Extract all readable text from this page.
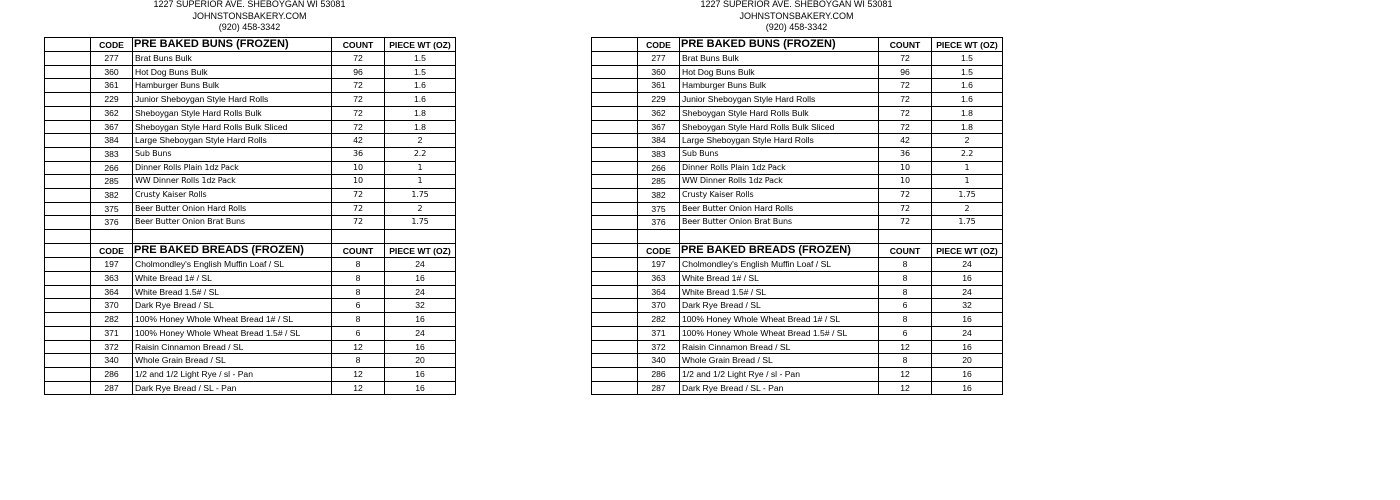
1227 SUPERIOR AVE. SHEBOYGAN WI 53081
JOHNSTONSBAKERY.COM
(920) 458-3342
	CODE	PRE BAKED BUNS (FROZEN)	COUNT	PIECE WT (OZ)
	277	Brat Buns Bulk	72	1.5
	360	Hot Dog Buns Bulk	96	1.5
	361	Hamburger Buns Bulk	72	1.6
	229	Junior Sheboygan Style Hard Rolls	72	1.6
	362	Sheboygan Style Hard Rolls Bulk	72	1.8
	367	Sheboygan Style Hard Rolls Bulk Sliced	72	1.8
	384	Large Sheboygan Style Hard Rolls	42	2
	383	Sub Buns	36	2.2
	266	Dinner Rolls Plain 1dz Pack	10	1
	285	WW Dinner Rolls 1dz Pack	10	1
	382	Crusty Kaiser Rolls	72	1.75
	375	Beer Butter Onion Hard Rolls	72	2
	376	Beer Butter Onion Brat Buns	72	1.75

	CODE	PRE BAKED BREADS (FROZEN)	COUNT	PIECE WT (OZ)
	197	Cholmondley's English Muffin Loaf / SL	8	24
	363	White Bread 1# / SL	8	16
	364	White Bread 1.5# / SL	8	24
	370	Dark Rye Bread / SL	6	32
	282	100% Honey Whole Wheat Bread 1# / SL	8	16
	371	100% Honey Whole Wheat Bread 1.5# / SL	6	24
	372	Raisin Cinnamon Bread / SL	12	16
	340	Whole Grain Bread / SL	8	20
	286	1/2 and 1/2 Light Rye / sl - Pan	12	16
	287	Dark Rye Bread / SL - Pan	12	16
1227 SUPERIOR AVE. SHEBOYGAN WI 53081
JOHNSTONSBAKERY.COM
(920) 458-3342
	CODE	PRE BAKED BUNS (FROZEN)	COUNT	PIECE WT (OZ)
	277	Brat Buns Bulk	72	1.5
	360	Hot Dog Buns Bulk	96	1.5
	361	Hamburger Buns Bulk	72	1.6
	229	Junior Sheboygan Style Hard Rolls	72	1.6
	362	Sheboygan Style Hard Rolls Bulk	72	1.8
	367	Sheboygan Style Hard Rolls Bulk Sliced	72	1.8
	384	Large Sheboygan Style Hard Rolls	42	2
	383	Sub Buns	36	2.2
	266	Dinner Rolls Plain 1dz Pack	10	1
	285	WW Dinner Rolls 1dz Pack	10	1
	382	Crusty Kaiser Rolls	72	1.75
	375	Beer Butter Onion Hard Rolls	72	2
	376	Beer Butter Onion Brat Buns	72	1.75

	CODE	PRE BAKED BREADS (FROZEN)	COUNT	PIECE WT (OZ)
	197	Cholmondley's English Muffin Loaf / SL	8	24
	363	White Bread 1# / SL	8	16
	364	White Bread 1.5# / SL	8	24
	370	Dark Rye Bread / SL	6	32
	282	100% Honey Whole Wheat Bread 1# / SL	8	16
	371	100% Honey Whole Wheat Bread 1.5# / SL	6	24
	372	Raisin Cinnamon Bread / SL	12	16
	340	Whole Grain Bread / SL	8	20
	286	1/2 and 1/2 Light Rye / sl - Pan	12	16
	287	Dark Rye Bread / SL - Pan	12	16
